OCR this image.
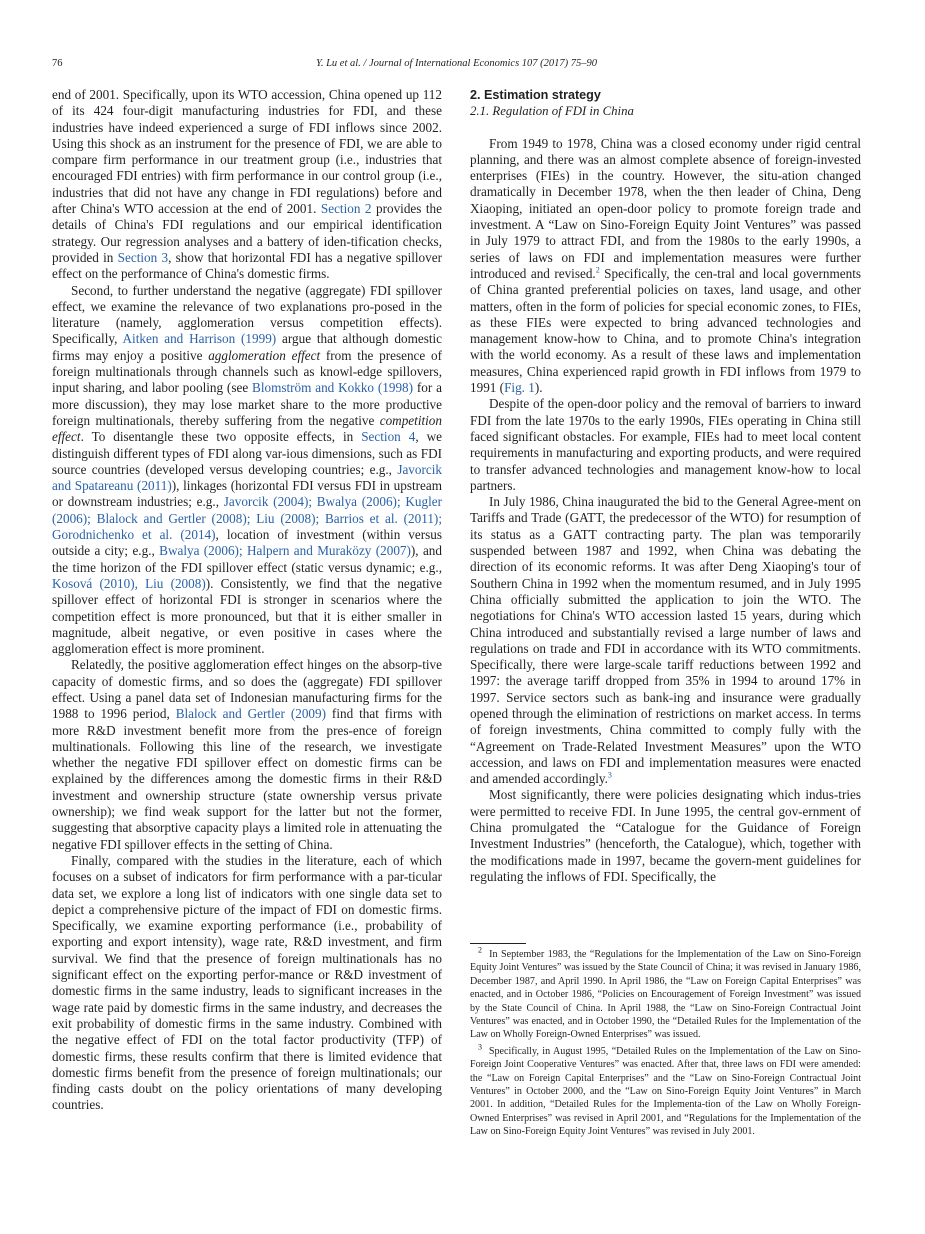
76	Y. Lu et al. / Journal of International Economics 107 (2017) 75–90

end of 2001. Specifically, upon its WTO accession, China opened up 112 of its 424 four-digit manufacturing industries for FDI, and these industries have indeed experienced a surge of FDI inflows since 2002. Using this shock as an instrument for the presence of FDI, we are able to compare firm performance in our treatment group (i.e., industries that encouraged FDI entries) with firm performance in our control group (i.e., industries that did not have any change in FDI regulations) before and after China's WTO accession at the end of 2001. Section 2 provides the details of China's FDI regulations and our empirical identification strategy. Our regression analyses and a battery of iden-tification checks, provided in Section 3, show that horizontal FDI has a negative spillover effect on the performance of China's domestic firms.

Second, to further understand the negative (aggregate) FDI spillover effect, we examine the relevance of two explanations pro-posed in the literature (namely, agglomeration versus competition effects). Specifically, Aitken and Harrison (1999) argue that although domestic firms may enjoy a positive agglomeration effect from the presence of foreign multinationals through channels such as knowl-edge spillovers, input sharing, and labor pooling (see Blomström and Kokko (1998) for a more discussion), they may lose market share to the more productive foreign multinationals, thereby suffering from the negative competition effect. To disentangle these two opposite effects, in Section 4, we distinguish different types of FDI along var-ious dimensions, such as FDI source countries (developed versus developing countries; e.g., Javorcik and Spatareanu (2011)), linkages (horizontal FDI versus FDI in upstream or downstream industries; e.g., Javorcik (2004); Bwalya (2006); Kugler (2006); Blalock and Gertler (2008); Liu (2008); Barrios et al. (2011); Gorodnichenko et al. (2014), location of investment (within versus outside a city; e.g., Bwalya (2006); Halpern and Muraközy (2007)), and the time horizon of the FDI spillover effect (static versus dynamic; e.g., Kosová (2010), Liu (2008)). Consistently, we find that the negative spillover effect of horizontal FDI is stronger in scenarios where the competition effect is more pronounced, but that it is either smaller in magnitude, albeit negative, or even positive in cases where the agglomeration effect is more prominent.

Relatedly, the positive agglomeration effect hinges on the absorp-tive capacity of domestic firms, and so does the (aggregate) FDI spillover effect. Using a panel data set of Indonesian manufacturing firms for the 1988 to 1996 period, Blalock and Gertler (2009) find that firms with more R&D investment benefit more from the pres-ence of foreign multinationals. Following this line of the research, we investigate whether the negative FDI spillover effect on domestic firms can be explained by the differences among the domestic firms in their R&D investment and ownership structure (state ownership versus private ownership); we find weak support for the latter but not the former, suggesting that absorptive capacity plays a limited role in attenuating the negative FDI spillover effects in the setting of China.

Finally, compared with the studies in the literature, each of which focuses on a subset of indicators for firm performance with a par-ticular data set, we explore a long list of indicators with one single data set to depict a comprehensive picture of the impact of FDI on domestic firms. Specifically, we examine exporting performance (i.e., probability of exporting and export intensity), wage rate, R&D investment, and firm survival. We find that the presence of foreign multinationals has no significant effect on the exporting perfor-mance or R&D investment of domestic firms in the same industry, leads to significant increases in the wage rate paid by domestic firms in the same industry, and decreases the exit probability of domestic firms in the same industry. Combined with the negative effect of FDI on the total factor productivity (TFP) of domestic firms, these results confirm that there is limited evidence that domestic firms benefit from the presence of foreign multinationals; our finding casts doubt on the policy orientations of many developing countries.

2. Estimation strategy

2.1. Regulation of FDI in China

From 1949 to 1978, China was a closed economy under rigid central planning, and there was an almost complete absence of foreign-invested enterprises (FIEs) in the country. However, the situ-ation changed dramatically in December 1978, when the then leader of China, Deng Xiaoping, initiated an open-door policy to promote foreign trade and investment. A “Law on Sino-Foreign Equity Joint Ventures” was passed in July 1979 to attract FDI, and from the 1980s to the early 1990s, a series of laws on FDI and implementation measures were further introduced and revised.$^2$ Specifically, the cen-tral and local governments of China granted preferential policies on taxes, land usage, and other matters, often in the form of policies for special economic zones, to FIEs, as these FIEs were expected to bring advanced technologies and management know-how to China, and to promote China's integration with the world economy. As a result of these laws and implementation measures, China experienced rapid growth in FDI inflows from 1979 to 1991 (Fig. 1).

Despite of the open-door policy and the removal of barriers to inward FDI from the late 1970s to the early 1990s, FIEs operating in China still faced significant obstacles. For example, FIEs had to meet local content requirements in manufacturing and exporting products, and were required to transfer advanced technologies and management know-how to local partners.

In July 1986, China inaugurated the bid to the General Agree-ment on Tariffs and Trade (GATT, the predecessor of the WTO) for resumption of its status as a GATT contracting party. The plan was temporarily suspended between 1987 and 1992, when China was debating the direction of its economic reforms. It was after Deng Xiaoping's tour of Southern China in 1992 when the momentum resumed, and in July 1995 China officially submitted the application to join the WTO. The negotiations for China's WTO accession lasted 15 years, during which China introduced and substantially revised a large number of laws and regulations on trade and FDI in accordance with its WTO commitments. Specifically, there were large-scale tariff reductions between 1992 and 1997: the average tariff dropped from 35% in 1994 to around 17% in 1997. Service sectors such as bank-ing and insurance were gradually opened through the elimination of restrictions on market access. In terms of foreign investments, China committed to comply fully with the “Agreement on Trade-Related Investment Measures” upon the WTO accession, and laws on FDI and implementation measures were enacted and amended accordingly.$^3$

Most significantly, there were policies designating which indus-tries were permitted to receive FDI. In June 1995, the central gov-ernment of China promulgated the “Catalogue for the Guidance of Foreign Investment Industries” (henceforth, the Catalogue), which, together with the modifications made in 1997, became the govern-ment guidelines for regulating the inflows of FDI. Specifically, the

$^2$ In September 1983, the “Regulations for the Implementation of the Law on Sino-Foreign Equity Joint Ventures” was issued by the State Council of China; it was revised in January 1986, December 1987, and April 1990. In April 1986, the “Law on Foreign Capital Enterprises” was enacted, and in October 1986, “Policies on Encouragement of Foreign Investment” was issued by the State Council of China. In April 1988, the “Law on Sino-Foreign Contractual Joint Ventures” was enacted, and in October 1990, the “Detailed Rules for the Implementation of the Law on Wholly Foreign-Owned Enterprises” was issued.

$^3$ Specifically, in August 1995, “Detailed Rules on the Implementation of the Law on Sino-Foreign Joint Cooperative Ventures” was enacted. After that, three laws on FDI were amended: the “Law on Foreign Capital Enterprises” and the “Law on Sino-Foreign Contractual Joint Ventures” in October 2000, and the “Law on Sino-Foreign Equity Joint Ventures” in March 2001. In addition, “Detailed Rules for the Implementa-tion of the Law on Wholly Foreign-Owned Enterprises” was revised in April 2001, and “Regulations for the Implementation of the Law on Sino-Foreign Equity Joint Ventures” was revised in July 2001.
